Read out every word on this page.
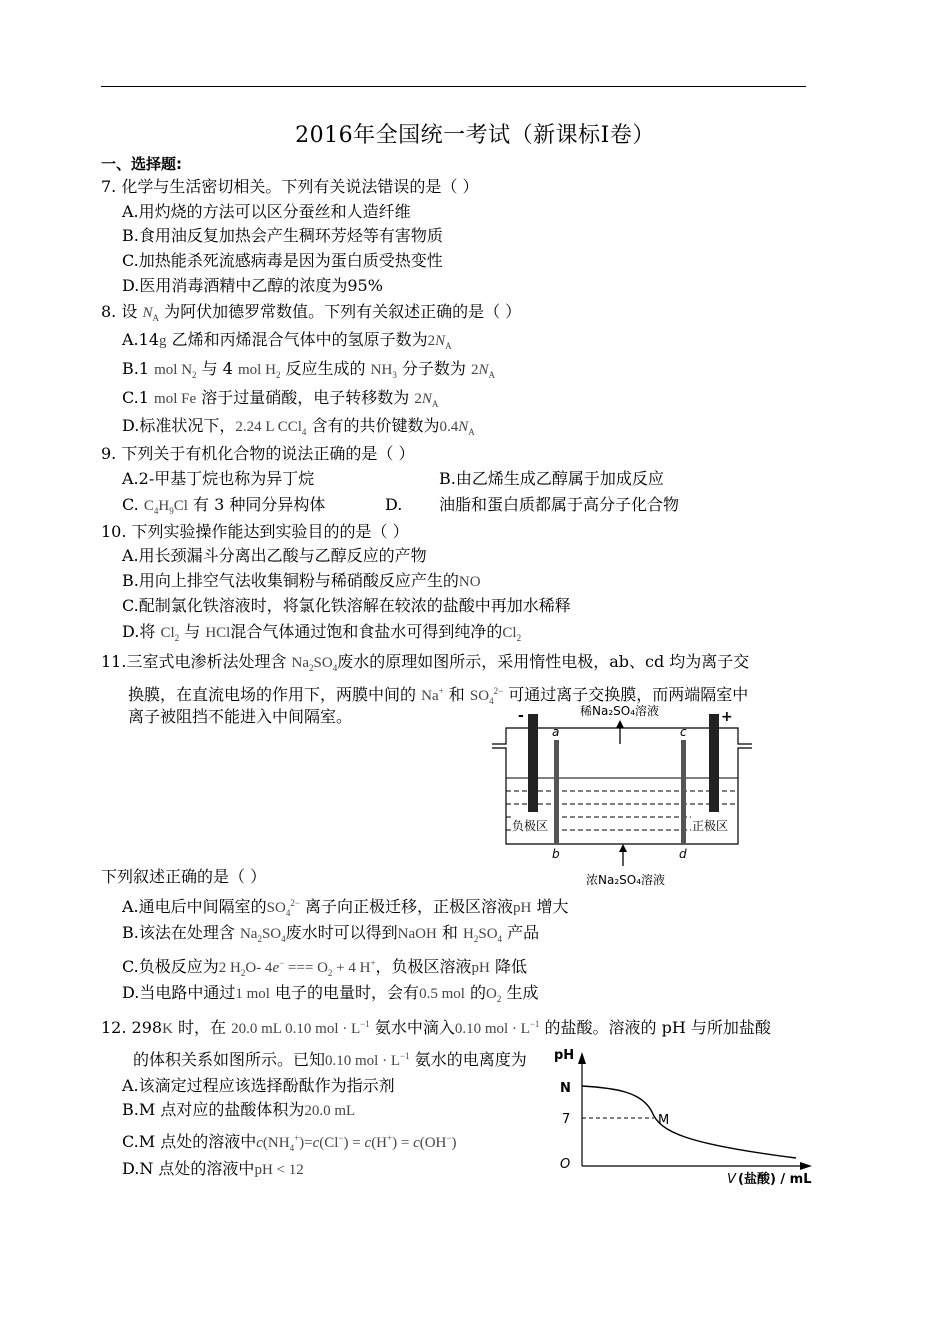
2016年全国统一考试（新课标I卷）
一、选择题:
7. 化学与生活密切相关。下列有关说法错误的是（ ）
A.用灼烧的方法可以区分蚕丝和人造纤维
B.食用油反复加热会产生稠环芳烃等有害物质
C.加热能杀死流感病毒是因为蛋白质受热变性
D.医用消毒酒精中乙醇的浓度为95%
8. 设 $N_A$ 为阿伏加德罗常数值。下列有关叙述正确的是（ ）
A.14g 乙烯和丙烯混合气体中的氢原子数为$2N_A$
B.1 mol $N_2$ 与 4 mol $H_2$ 反应生成的 $NH_3$ 分子数为 $2N_A$
C.1 mol Fe 溶于过量硝酸，电子转移数为 $2N_A$
D.标准状况下，2.24 L CCl$_4$ 含有的共价键数为$0.4N_A$
9. 下列关于有机化合物的说法正确的是（ ）
A.2-甲基丁烷也称为异丁烷	B.由乙烯生成乙醇属于加成反应
C. $C_4H_9Cl$ 有 3 种同分异构体	D. 油脂和蛋白质都属于高分子化合物
10. 下列实验操作能达到实验目的的是（ ）
A.用长颈漏斗分离出乙酸与乙醇反应的产物
B.用向上排空气法收集铜粉与稀硝酸反应产生的NO
C.配制氯化铁溶液时，将氯化铁溶解在较浓的盐酸中再加水稀释
D.将 $Cl_2$ 与 HCl混合气体通过饱和食盐水可得到纯净的$Cl_2$
11.三室式电渗析法处理含 $Na_2SO_4$废水的原理如图所示，采用惰性电极，ab、cd 均为离子交
换膜，在直流电场的作用下，两膜中间的 Na+ 和 $SO_4^{2-}$ 可通过离子交换膜，而两端隔室中
离子被阻挡不能进入中间隔室。	稀Na₂SO₄溶液
-	+
a	c
b	d
负极区	正极区
浓Na₂SO₄溶液
下列叙述正确的是（ ）
A.通电后中间隔室的$SO_4^{2-}$ 离子向正极迁移，正极区溶液pH 增大
B.该法在处理含 $Na_2SO_4$废水时可以得到NaOH 和 $H_2SO_4$ 产品
C.负极反应为2 $H_2O-$ 4e− === $O_2 + 4$ H+，负极区溶液pH 降低
D.当电路中通过1 mol 电子的电量时，会有0.5 mol 的$O_2$ 生成
12. 298K 时，在 20.0 mL 0.10 mol · $L^{-1}$ 氨水中滴入0.10 mol · $L^{-1}$ 的盐酸。溶液的 pH 与所加盐酸
的体积关系如图所示。已知0.10 mol · $L^{-1}$ 氨水的电离度为
A.该滴定过程应该选择酚酞作为指示剂
B.M 点对应的盐酸体积为20.0 mL
C.M 点处的溶液中$c(NH_4^+)=c(Cl^-) = c(H^+) = c(OH^-)$
D.N 点处的溶液中pH < 12
pH
N
7	M
O
V (盐酸) / mL
